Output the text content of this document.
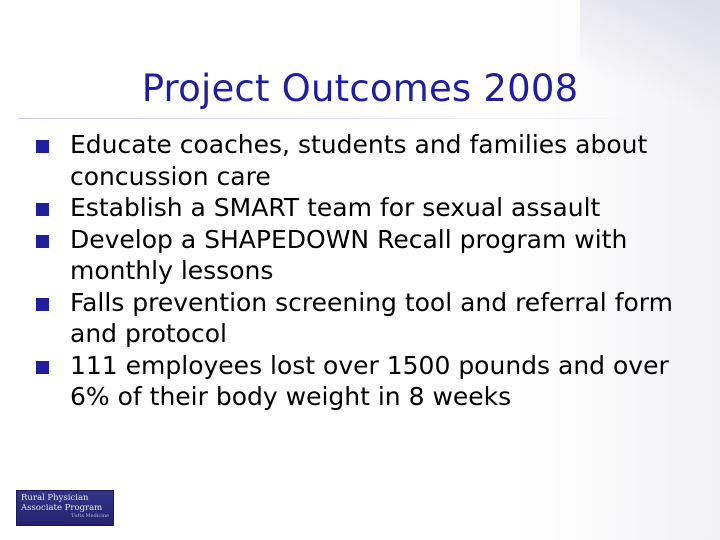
Project Outcomes 2008
Educate coaches, students and families about concussion care
Establish a SMART team for sexual assault
Develop a SHAPEDOWN Recall program with monthly lessons
Falls prevention screening tool and referral form and protocol
111 employees lost over 1500 pounds and over 6% of their body weight in 8 weeks
Rural Physician
Associate Program
Tufts Medicine
